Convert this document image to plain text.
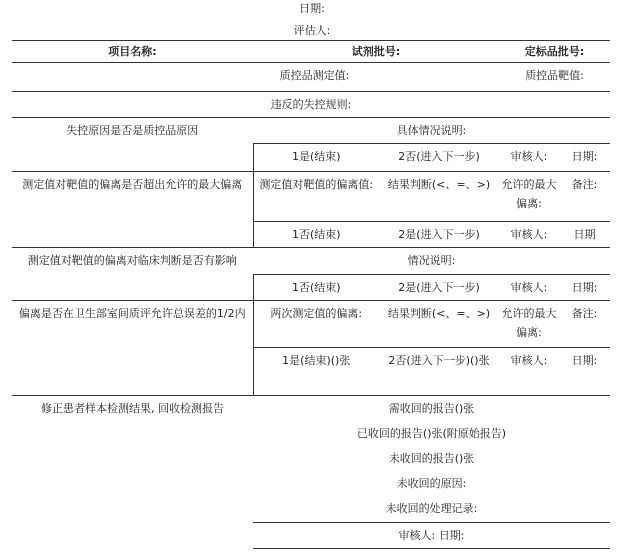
日期:
评估人:
项目名称:	试剂批号:		定标品批号:	
质控品测定值:			质控品靶值:	
违反的失控规则:				
失控原因是否是质控品原因	具体情况说明:			
	1是(结束)	2否(进入下一步)	审核人:	日期:
测定值对靶值的偏离是否超出允许的最大偏离	测定值对靶值的偏离值:	结果判断(<、=、>)	允许的最大偏离:	备注:
	1否(结束)	2是(进入下一步)	审核人:	日期
测定值对靶值的偏离对临床判断是否有影响	情况说明:			
	1否(结束)	2是(进入下一步)	审核人:	日期:
偏离是否在卫生部室间质评允许总误差的1/2内	两次测定值的偏离:	结果判断(<、=、>)	允许的最大偏离:	备注:
	1是(结束)()张	2否(进入下一步)()张	审核人:	日期:
修正患者样本检测结果, 回收检测报告	需收回的报告()张			
	已收回的报告()张(附原始报告)			
	未收回的报告()张			
	未收回的原因:			
	未收回的处理记录:			
	审核人: 日期:			
